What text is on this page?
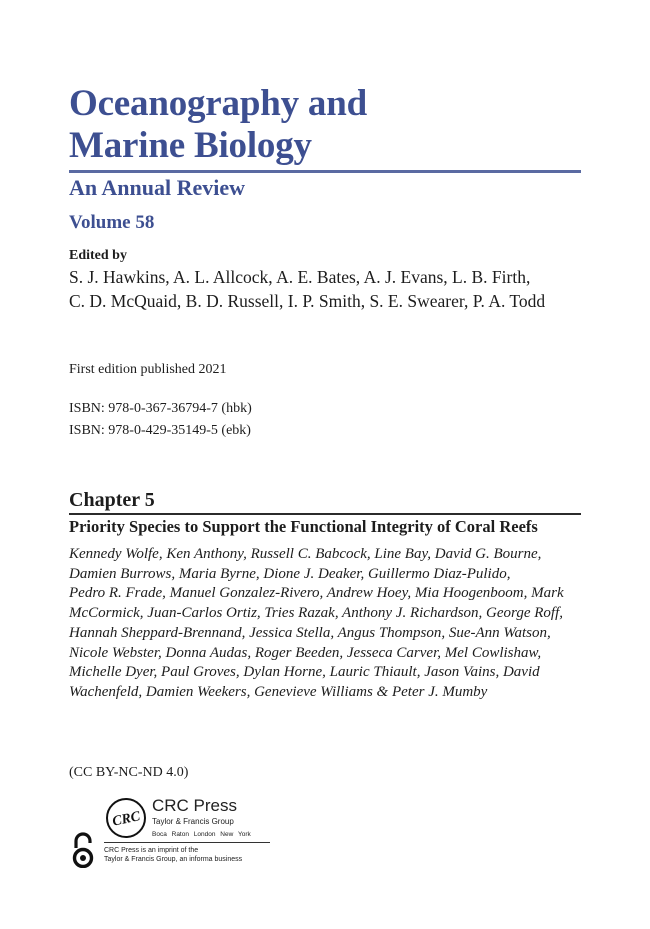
Oceanography and
Marine Biology
An Annual Review
Volume 58
Edited by
S. J. Hawkins, A. L. Allcock, A. E. Bates, A. J. Evans, L. B. Firth,
C. D. McQuaid, B. D. Russell, I. P. Smith, S. E. Swearer, P. A. Todd
First edition published 2021
ISBN: 978-0-367-36794-7 (hbk)
ISBN: 978-0-429-35149-5 (ebk)
Chapter 5
Priority Species to Support the Functional Integrity of Coral Reefs
Kennedy Wolfe, Ken Anthony, Russell C. Babcock, Line Bay, David G. Bourne,
Damien Burrows, Maria Byrne, Dione J. Deaker, Guillermo Diaz-Pulido,
Pedro R. Frade, Manuel Gonzalez-Rivero, Andrew Hoey, Mia Hoogenboom, Mark
McCormick, Juan-Carlos Ortiz, Tries Razak, Anthony J. Richardson, George Roff,
Hannah Sheppard-Brennand, Jessica Stella, Angus Thompson, Sue-Ann Watson,
Nicole Webster, Donna Audas, Roger Beeden, Jesseca Carver, Mel Cowlishaw,
Michelle Dyer, Paul Groves, Dylan Horne, Lauric Thiault, Jason Vains, David
Wachenfeld, Damien Weekers, Genevieve Williams & Peter J. Mumby
(CC BY-NC-ND 4.0)
CRC
CRC Press
Taylor & Francis Group
Boca Raton London New York
CRC Press is an imprint of the
Taylor & Francis Group, an informa business
